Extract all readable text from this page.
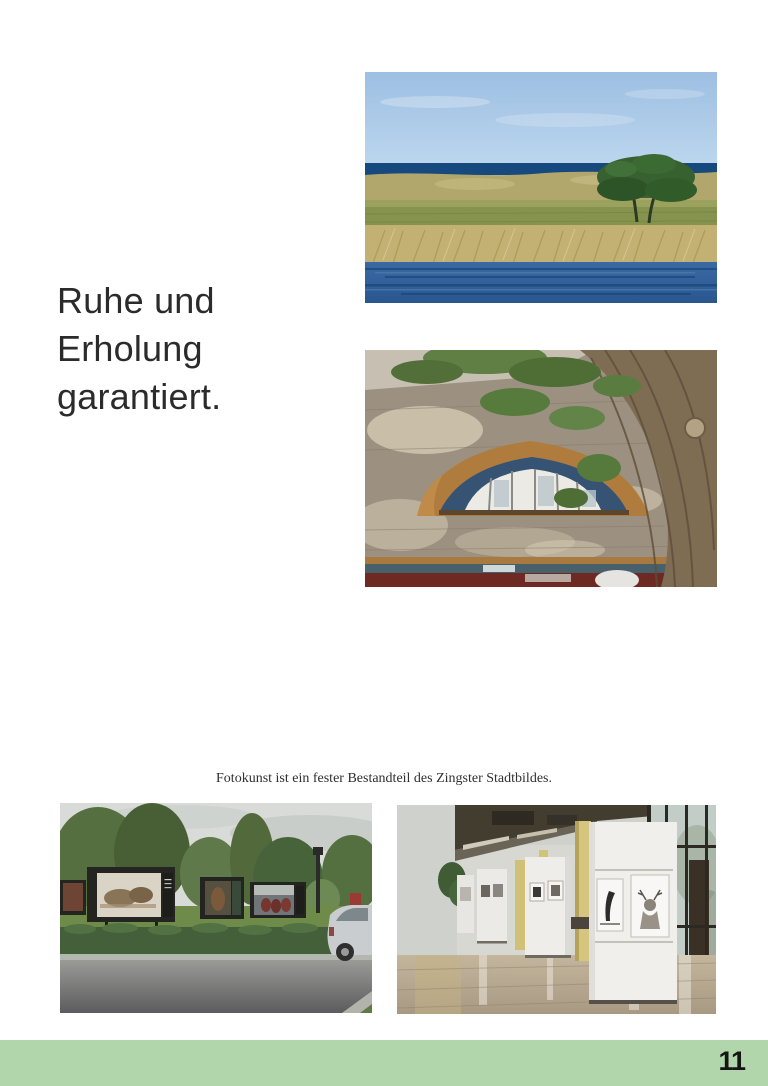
Ruhe und
Erholung
garantiert.

Fotokunst ist ein fester Bestandteil des Zingster Stadtbildes.

11
